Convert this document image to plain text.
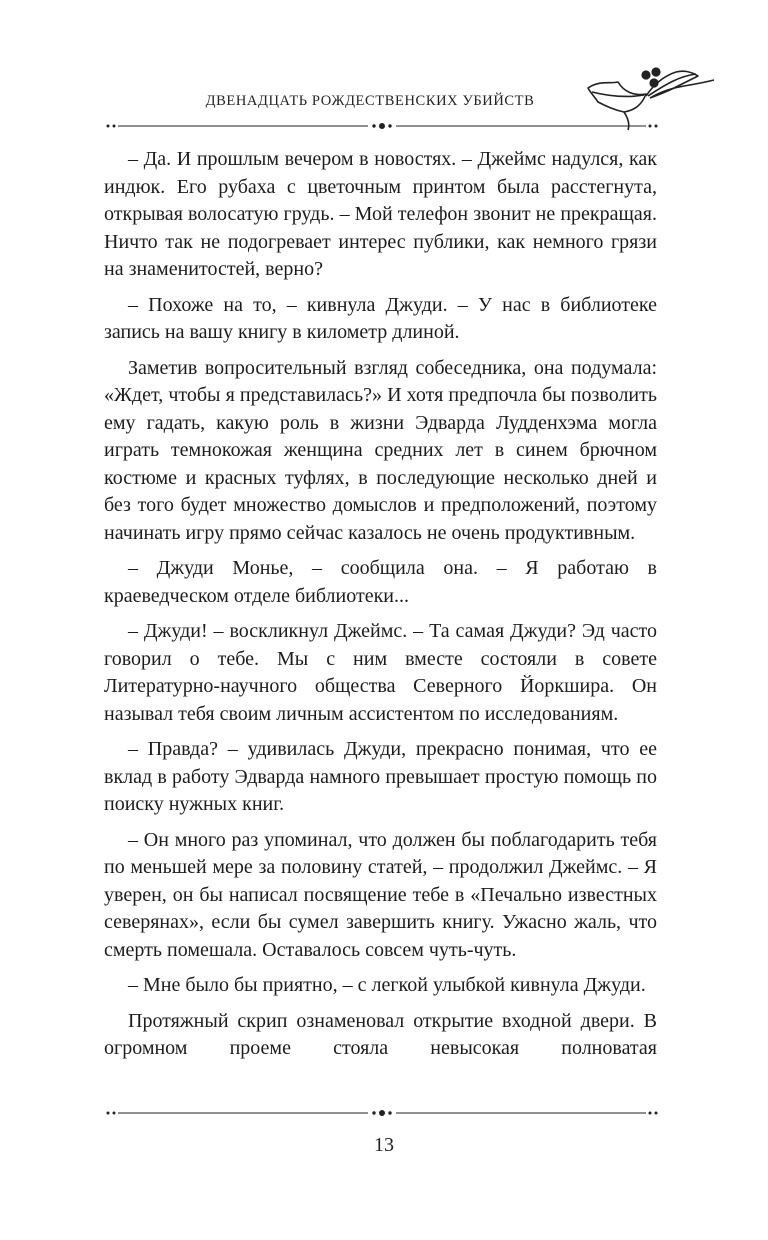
ДВЕНАДЦАТЬ РОЖДЕСТВЕНСКИХ УБИЙСТВ

– Да. И прошлым вечером в новостях. – Джеймс надулся, как индюк. Его рубаха с цветочным принтом была расстегнута, открывая волосатую грудь. – Мой телефон звонит не прекращая. Ничто так не подогревает интерес публики, как немного грязи на знаменитостей, верно?

– Похоже на то, – кивнула Джуди. – У нас в библиотеке запись на вашу книгу в километр длиной.

Заметив вопросительный взгляд собеседника, она подумала: «Ждет, чтобы я представилась?» И хотя предпочла бы позволить ему гадать, какую роль в жизни Эдварда Лудденхэма могла играть темнокожая женщина средних лет в синем брючном костюме и красных туфлях, в последующие несколько дней и без того будет множество домыслов и предположений, поэтому начинать игру прямо сейчас казалось не очень продуктивным.

– Джуди Монье, – сообщила она. – Я работаю в краеведческом отделе библиотеки...

– Джуди! – воскликнул Джеймс. – Та самая Джуди? Эд часто говорил о тебе. Мы с ним вместе состояли в совете Литературно-научного общества Северного Йоркшира. Он называл тебя своим личным ассистентом по исследованиям.

– Правда? – удивилась Джуди, прекрасно понимая, что ее вклад в работу Эдварда намного превышает простую помощь по поиску нужных книг.

– Он много раз упоминал, что должен бы поблагодарить тебя по меньшей мере за половину статей, – продолжил Джеймс. – Я уверен, он бы написал посвящение тебе в «Печально известных северянах», если бы сумел завершить книгу. Ужасно жаль, что смерть помешала. Оставалось совсем чуть-чуть.

– Мне было бы приятно, – с легкой улыбкой кивнула Джуди.

Протяжный скрип ознаменовал открытие входной двери. В огромном проеме стояла невысокая полноватая

13
